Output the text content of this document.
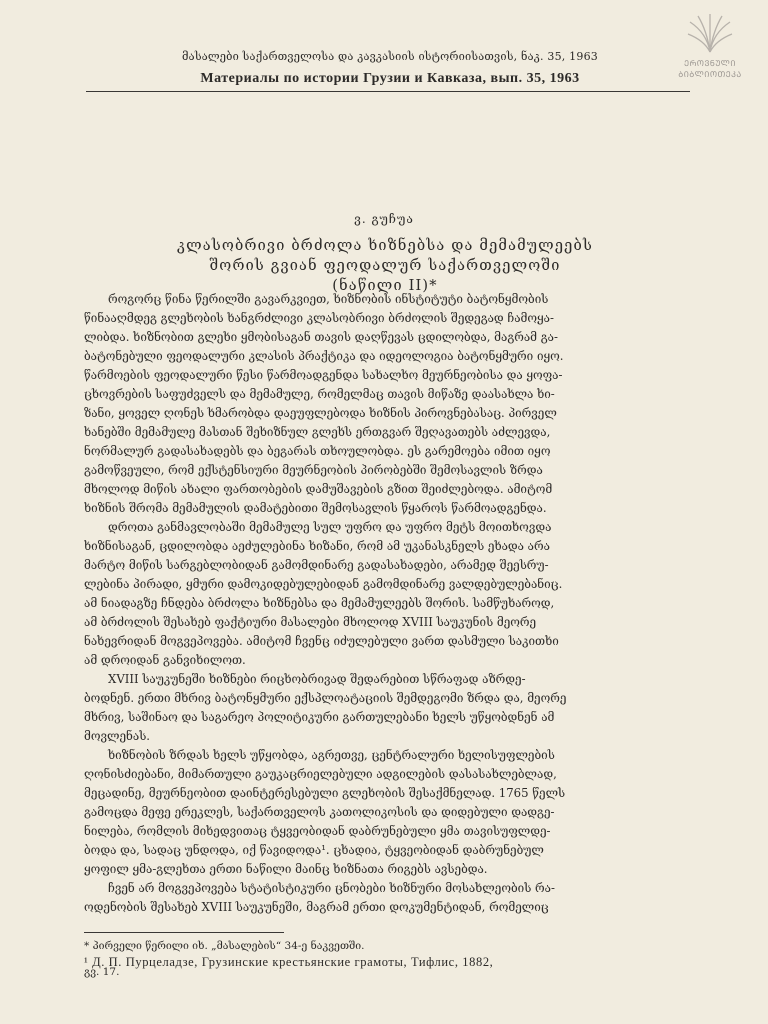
მასალები საქართველოსა და კავკასიის ისტორიისათვის, ნაკ. 35, 1963
Материалы по истории Грузии и Кавказа, вып. 35, 1963
ᲔᲠᲝᲕᲜᲣᲚᲘ
ᲑᲘᲑᲚᲘᲝᲗᲔᲙᲐ
ვ. გუჩუა
კლასობრივი ბრძოლა ხიზნებსა და მემამულეებს
შორის გვიან ფეოდალურ საქართველოში
(ნაწილი II)*
როგორც წინა წერილში გავარკვიეთ, ხიზნობის ინსტიტუტი ბატონყმობის
წინააღმდეგ გლეხობის ხანგრძლივი კლასობრივი ბრძოლის შედეგად ჩამოყა-
ლიბდა. ხიზნობით გლეხი ყმობისაგან თავის დაღწევას ცდილობდა, მაგრამ გა-
ბატონებული ფეოდალური კლასის პრაქტიკა და იდეოლოგია ბატონყმური იყო.
წარმოების ფეოდალური წესი წარმოადგენდა სახალხო მეურნეობისა და ყოფა-
ცხოვრების საფუძველს და მემამულე, რომელმაც თავის მიწაზე დაასახლა ხი-
ზანი, ყოველ ღონეს ხმარობდა დაეუფლებოდა ხიზნის პიროვნებასაც. პირველ
ხანებში მემამულე მასთან შეხიზნულ გლეხს ერთგვარ შეღავათებს აძლევდა,
ნორმალურ გადასახადებს და ბეგარას თხოულობდა. ეს გარემოება იმით იყო
გამოწვეული, რომ ექსტენსიური მეურნეობის პირობებში შემოსავლის ზრდა
მხოლოდ მიწის ახალი ფართობების დამუშავების გზით შეიძლებოდა. ამიტომ
ხიზნის შრომა მემამულის დამატებითი შემოსავლის წყაროს წარმოადგენდა.
დროთა განმავლობაში მემამულე სულ უფრო და უფრო მეტს მოითხოვდა
ხიზნისაგან, ცდილობდა აეძულებინა ხიზანი, რომ ამ უკანასკნელს ეხადა არა
მარტო მიწის სარგებლობიდან გამომდინარე გადასახადები, არამედ შეესრუ-
ლებინა პირადი, ყმური დამოკიდებულებიდან გამომდინარე ვალდებულებანიც.
ამ ნიადაგზე ჩნდება ბრძოლა ხიზნებსა და მემამულეებს შორის. სამწუხაროდ,
ამ ბრძოლის შესახებ ფაქტიური მასალები მხოლოდ XVIII საუკუნის მეორე
ნახევრიდან მოგვეპოვება. ამიტომ ჩვენც იძულებული ვართ დასმული საკითხი
ამ დროიდან განვიხილოთ.
XVIII საუკუნეში ხიზნები რიცხობრივად შედარებით სწრაფად აზრდე-
ბოდნენ. ერთი მხრივ ბატონყმური ექსპლოატაციის შემდეგომი ზრდა და, მეორე
მხრივ, საშინაო და საგარეო პოლიტიკური გართულებანი ხელს უწყობდნენ ამ
მოვლენას.
ხიზნობის ზრდას ხელს უწყობდა, აგრეთვე, ცენტრალური ხელისუფლების
ღონისძიებანი, მიმართული გაუკაცრიელებული ადგილების დასასახლებლად,
მეცადინე, მეურნეობით დაინტერესებული გლეხობის შესაქმნელად. 1765 წელს
გამოცდა მეფე ერეკლეს, საქართველოს კათოლიკოსის და დიდებული დადგე-
ნილება, რომლის მიხედვითაც ტყვეობიდან დაბრუნებული ყმა თავისუფლდე-
ბოდა და, სადაც უნდოდა, იქ წავიდოდა¹. ცხადია, ტყვეობიდან დაბრუნებულ
ყოფილ ყმა-გლეხთა ერთი ნაწილი მაინც ხიზნათა რიგებს ავსებდა.
ჩვენ არ მოგვეპოვება სტატისტიკური ცნობები ხიზნური მოსახლეობის რა-
ოდენობის შესახებ XVIII საუკუნეში, მაგრამ ერთი დოკუმენტიდან, რომელიც
* პირველი წერილი იხ. „მასალების“ 34-ე ნაკვეთში.
¹ Д. П. Пурцеладзе, Грузинские крестьянские грамоты, Тифлис, 1882,
გვ. 17.
